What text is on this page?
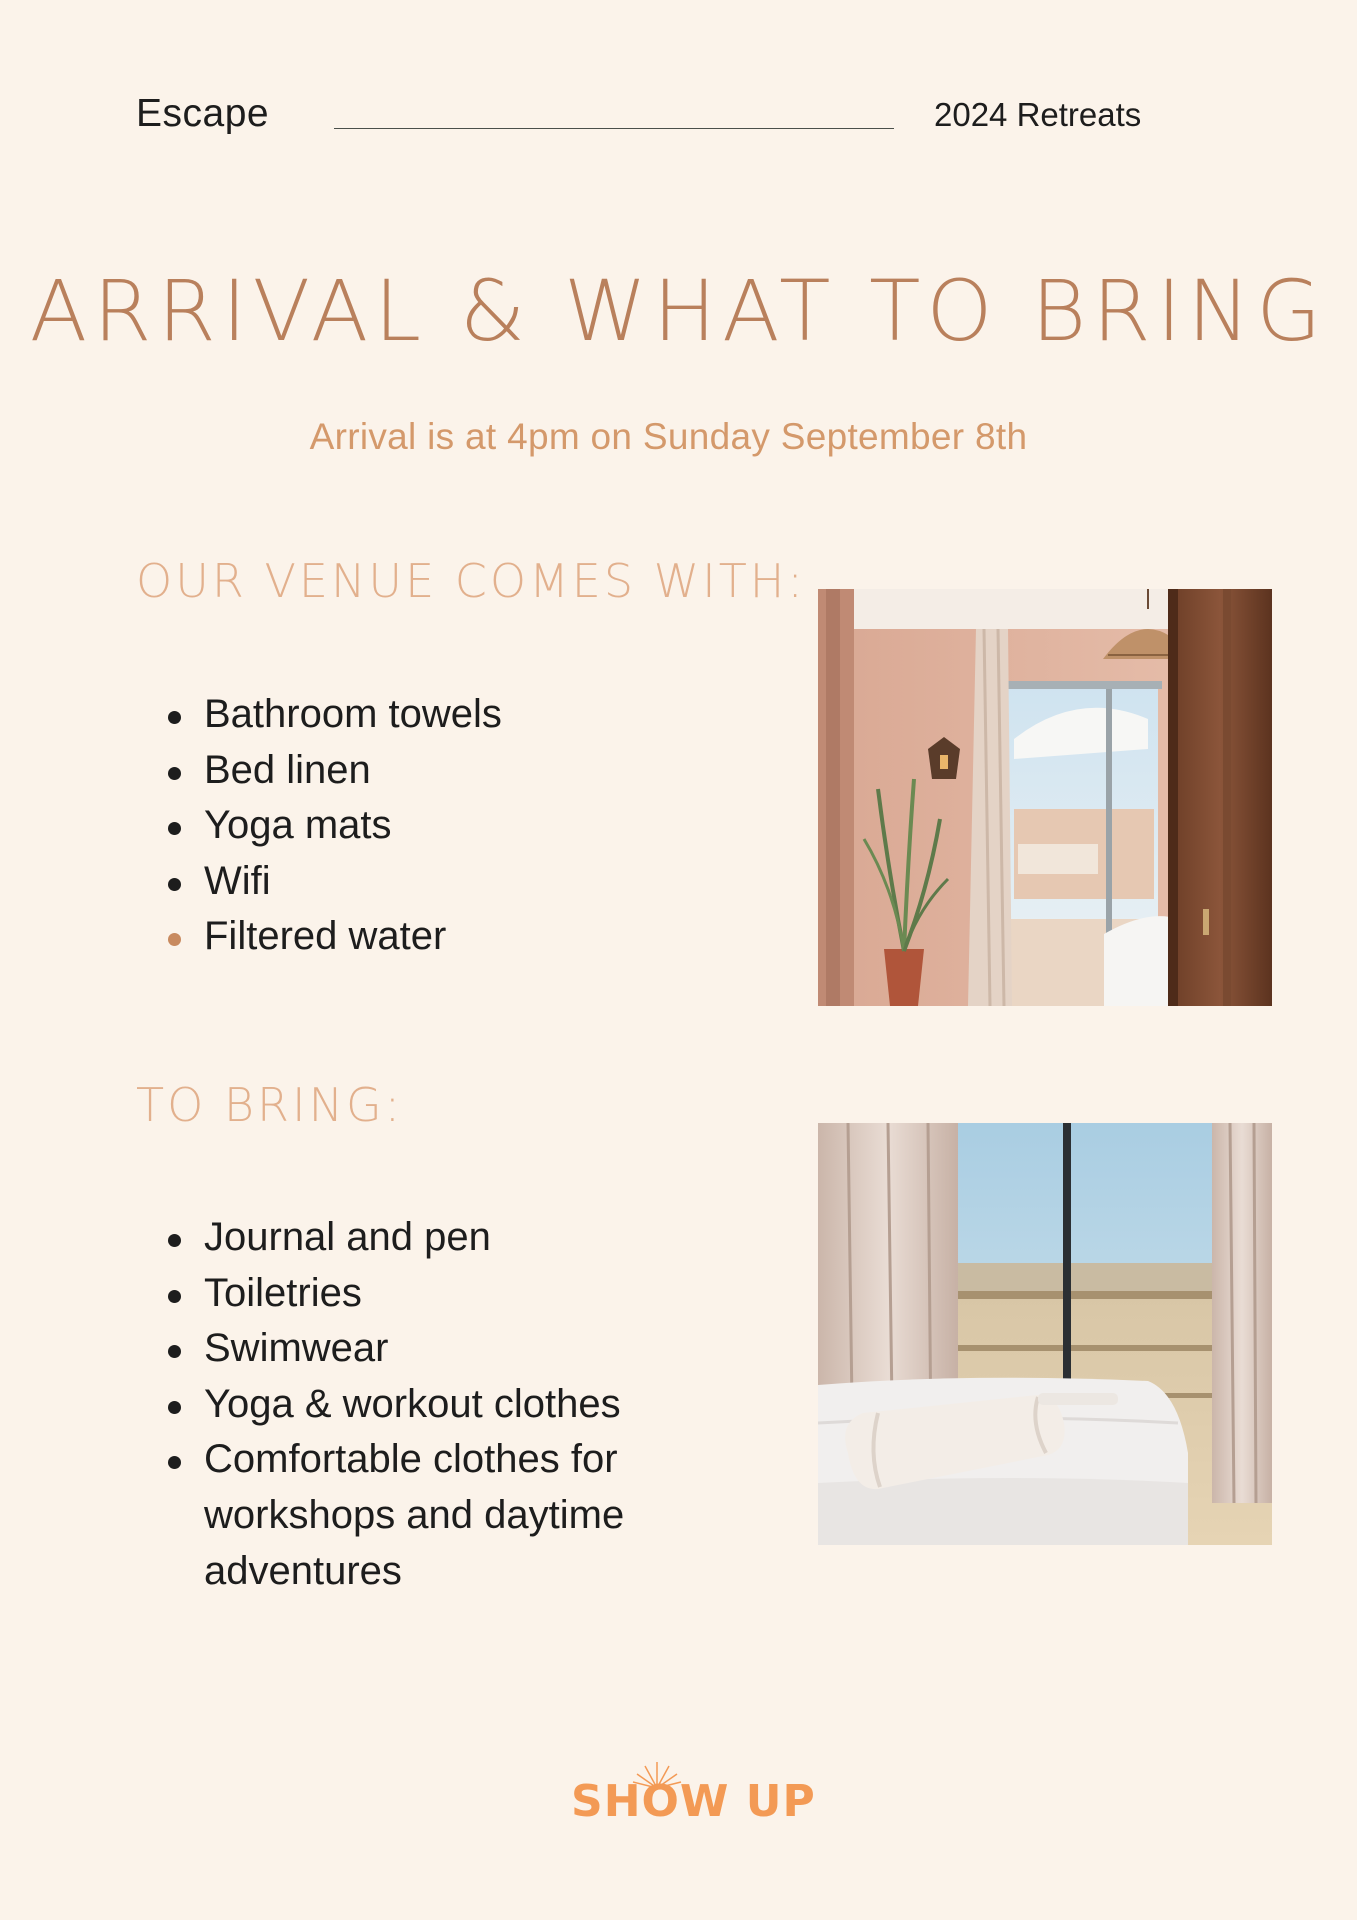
Escape	2024 Retreats
ARRIVAL & WHAT TO BRING
Arrival is at 4pm on Sunday September 8th
OUR VENUE COMES WITH:
Bathroom towels
Bed linen
Yoga mats
Wifi
Filtered water
TO BRING:
Journal and pen
Toiletries
Swimwear
Yoga & workout clothes
Comfortable clothes for workshops and daytime adventures
SHOW UP
